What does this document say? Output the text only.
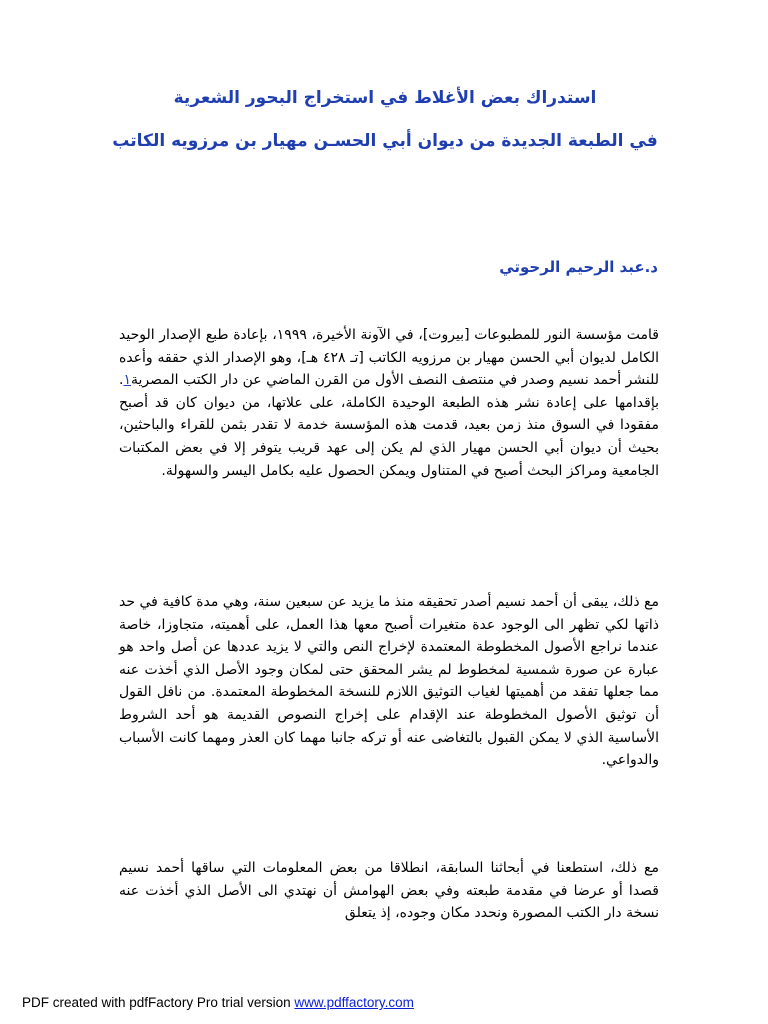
استدراك بعض الأغلاط في استخراج البحور الشعرية
في الطبعة الجديدة من ديوان أبي الحسـن مهيار بن مرزويه الكاتب
د.عبد الرحيم الرحوتي
قامت مؤسسة النور للمطبوعات [بيروت]، في الآونة الأخيرة، ١٩٩٩، بإعادة طبع الإصدار الوحيد الكامل لديوان أبي الحسن مهيار بن مرزويه الكاتب [تـ ٤٢٨ هـ]، وهو الإصدار الذي حققه وأعده للنشر أحمد نسيم وصدر في منتصف النصف الأول من القرن الماضي عن دار الكتب المصرية١. بإقدامها على إعادة نشر هذه الطبعة الوحيدة الكاملة، على علاتها، من ديوان كان قد أصبح مفقودا في السوق منذ زمن بعيد، قدمت هذه المؤسسة خدمة لا تقدر بثمن للقراء والباحثين، بحيث أن ديوان أبي الحسن مهيار الذي لم يكن إلى عهد قريب يتوفر إلا في بعض المكتبات الجامعية ومراكز البحث أصبح في المتناول ويمكن الحصول عليه بكامل اليسر والسهولة.
مع ذلك، يبقى أن أحمد نسيم أصدر تحقيقه منذ ما يزيد عن سبعين سنة، وهي مدة كافية في حد ذاتها لكي تظهر الى الوجود عدة متغيرات أصبح معها هذا العمل، على أهميته، متجاوزا، خاصة عندما نراجع الأصول المخطوطة المعتمدة لإخراج النص والتي لا يزيد عددها عن أصل واحد هو عبارة عن صورة شمسية لمخطوط لم يشر المحقق حتى لمكان وجود الأصل الذي أخذت عنه مما جعلها تفقد من أهميتها لغياب التوثيق اللازم للنسخة المخطوطة المعتمدة. من نافل القول أن توثيق الأصول المخطوطة عند الإقدام على إخراج النصوص القديمة هو أحد الشروط الأساسية الذي لا يمكن القبول بالتغاضى عنه أو تركه جانبا مهما كان العذر ومهما كانت الأسباب والدواعي.
مع ذلك، استطعنا في أبحاثنا السابقة، انطلاقا من بعض المعلومات التي ساقها أحمد نسيم قصدا أو عرضا في مقدمة طبعته وفي بعض الهوامش أن نهتدي الى الأصل الذي أخذت عنه نسخة دار الكتب المصورة ونحدد مكان وجوده، إذ يتعلق
PDF created with pdfFactory Pro trial version www.pdffactory.com
